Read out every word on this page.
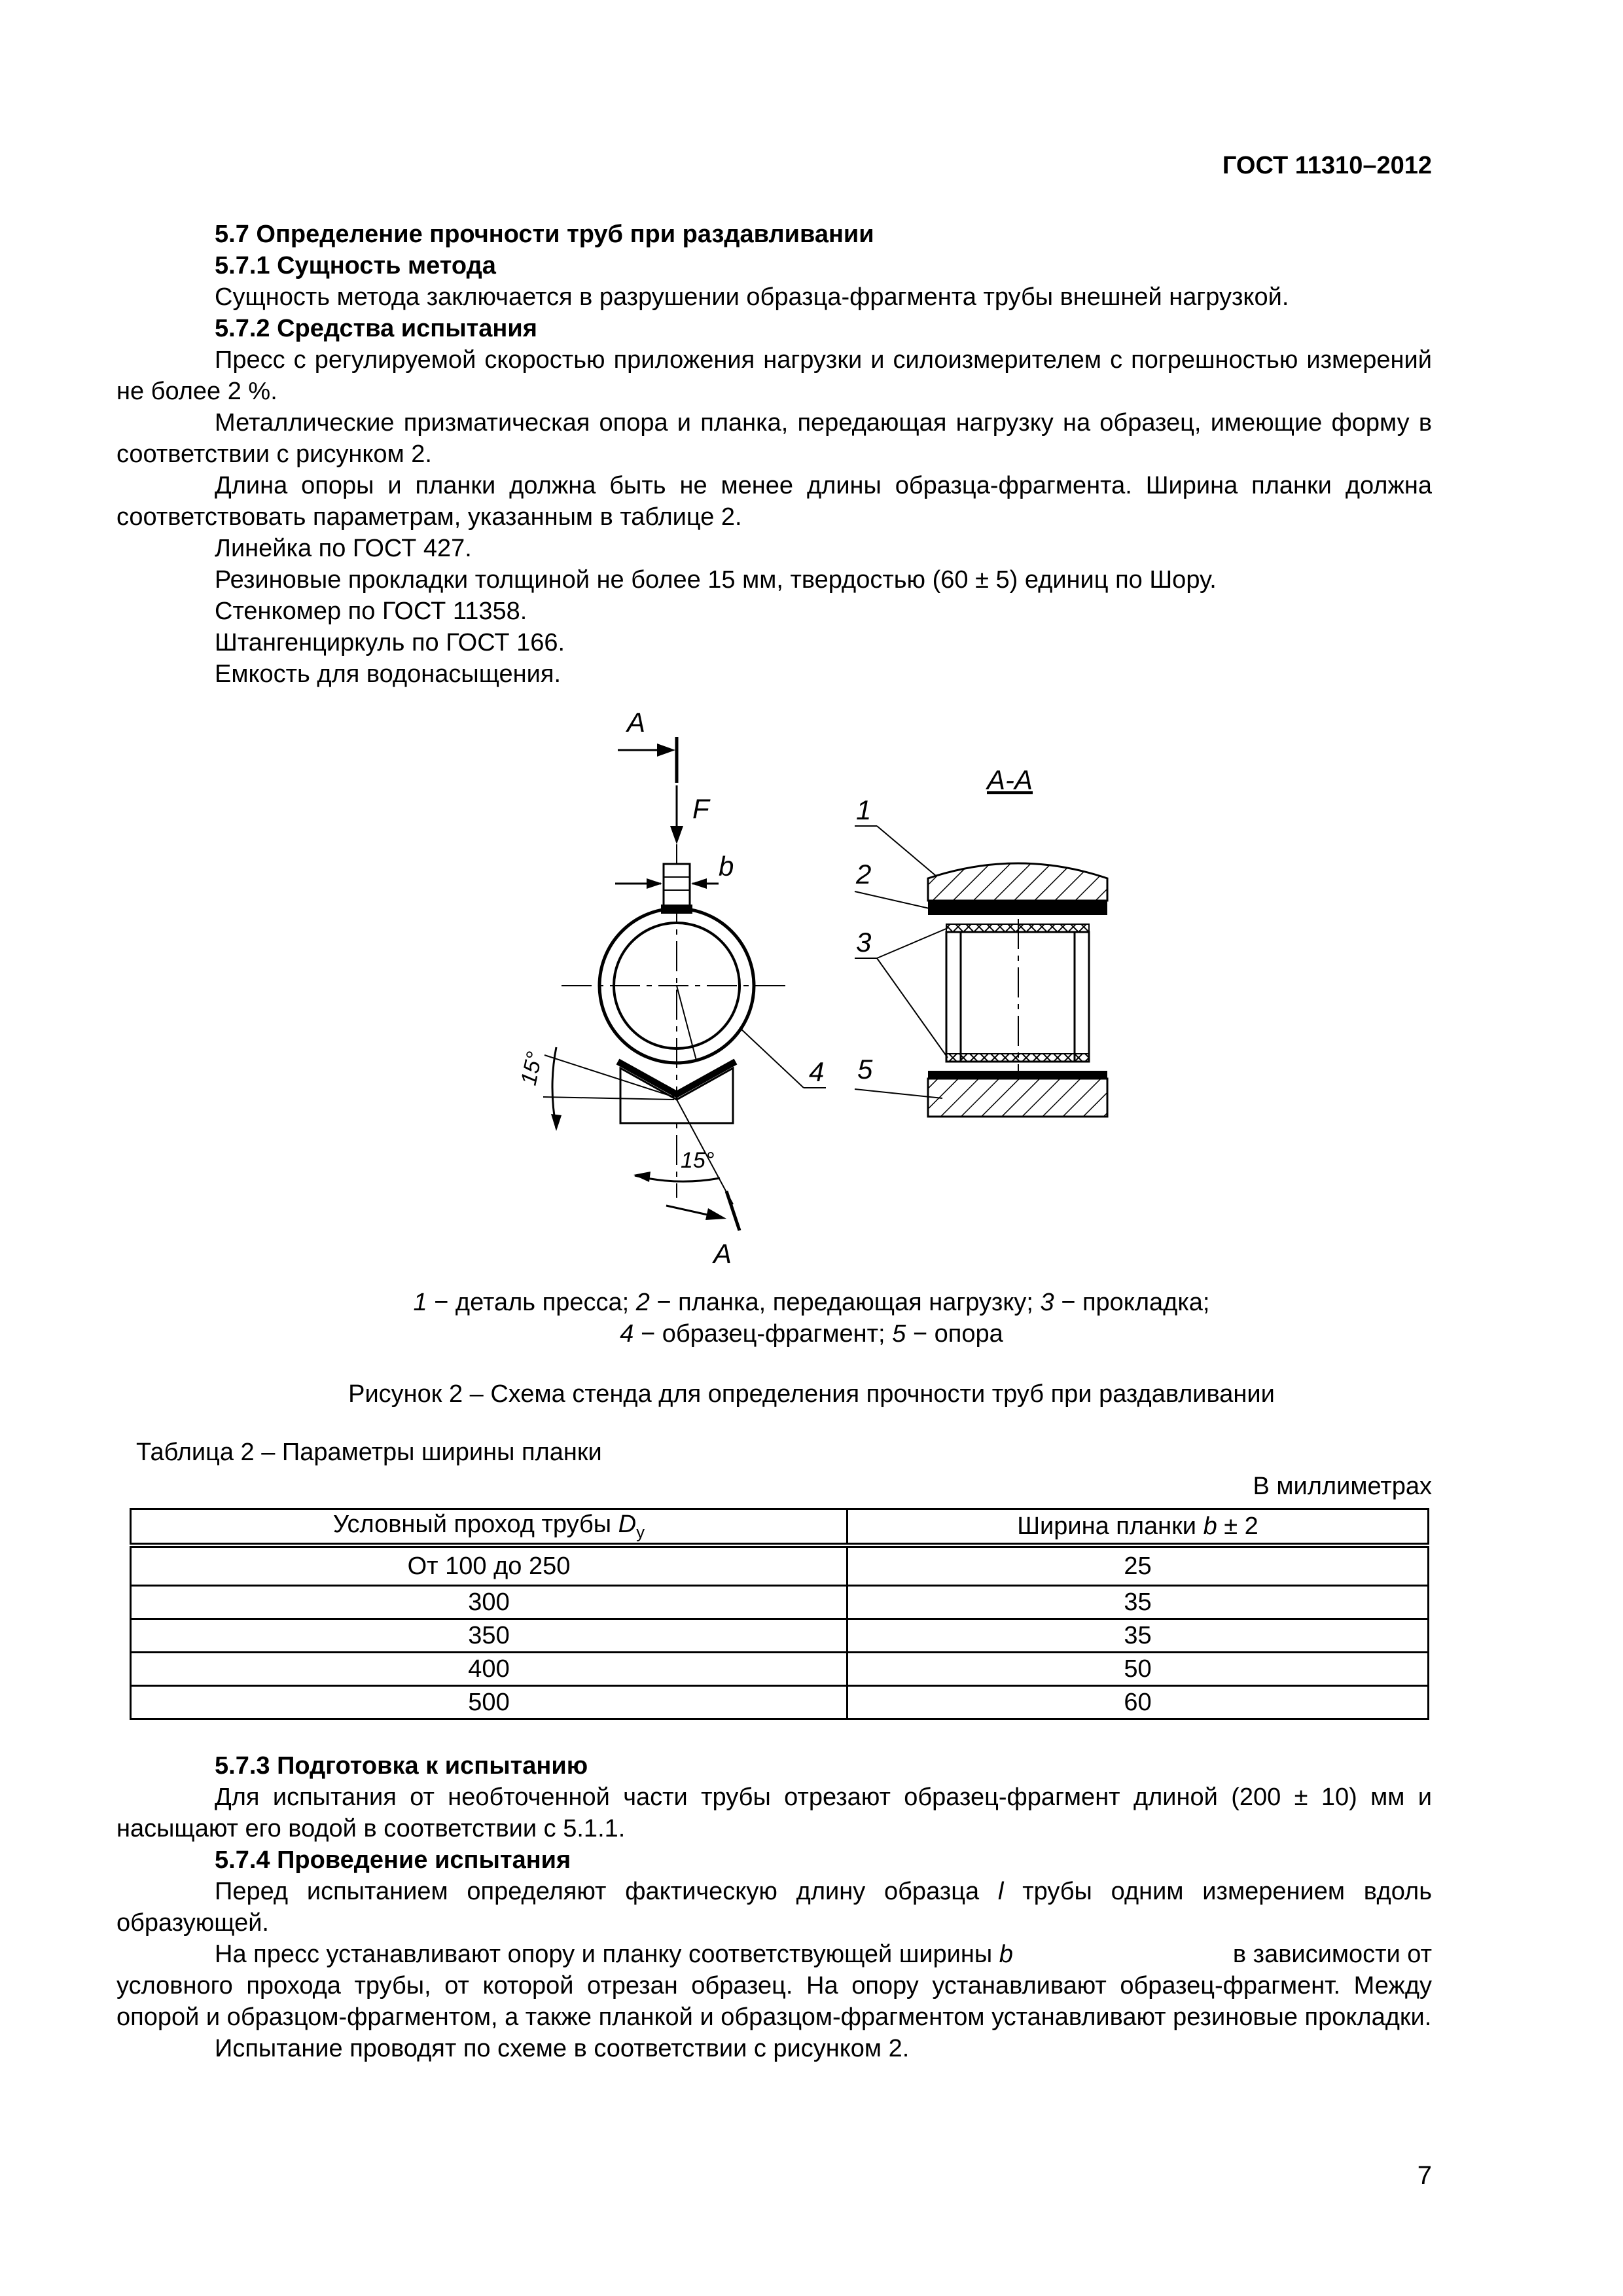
ГОСТ 11310–2012

5.7 Определение прочности труб при раздавливании

5.7.1 Сущность метода

Сущность метода заключается в разрушении образца-фрагмента трубы внешней нагрузкой.

5.7.2 Средства испытания

Пресс с регулируемой скоростью приложения нагрузки и силоизмерителем с погрешностью измерений не более 2 %.

Металлические призматическая опора и планка, передающая нагрузку на образец, имеющие форму в соответствии с рисунком 2.

Длина опоры и планки должна быть не менее длины образца-фрагмента. Ширина планки должна соответствовать параметрам, указанным в таблице 2.

Линейка по ГОСТ 427.

Резиновые прокладки толщиной не более 15 мм, твердостью (60 ± 5) единиц по Шору.

Стенкомер по ГОСТ 11358.

Штангенциркуль по ГОСТ 166.

Емкость для водонасыщения.

A
F
b
15°
15°
A
4
A-A
1
2
3
5
1 − деталь пресса; 2 − планка, передающая нагрузку; 3 − прокладка;
4 − образец-фрагмент; 5 − опора
Рисунок 2 – Схема стенда для определения прочности труб при раздавливании
Таблица 2 – Параметры ширины планки
В миллиметрах
Условный проход трубы $D_у$	Ширина планки b ± 2
От 100 до 250	25
300	35
350	35
400	50
500	60

5.7.3 Подготовка к испытанию

Для испытания от необточенной части трубы отрезают образец-фрагмент длиной (200 ± 10) мм и насыщают его водой в соответствии с 5.1.1.

5.7.4 Проведение испытания

Перед испытанием определяют фактическую длину образца l трубы одним измерением вдоль образующей.

На пресс устанавливают опору и планку соответствующей ширины b	в зависимости от

условного прохода трубы, от которой отрезан образец. На опору устанавливают образец-фрагмент. Между опорой и образцом-фрагментом, а также планкой и образцом-фрагментом устанавливают резиновые прокладки.

Испытание проводят по схеме в соответствии с рисунком 2.

7
